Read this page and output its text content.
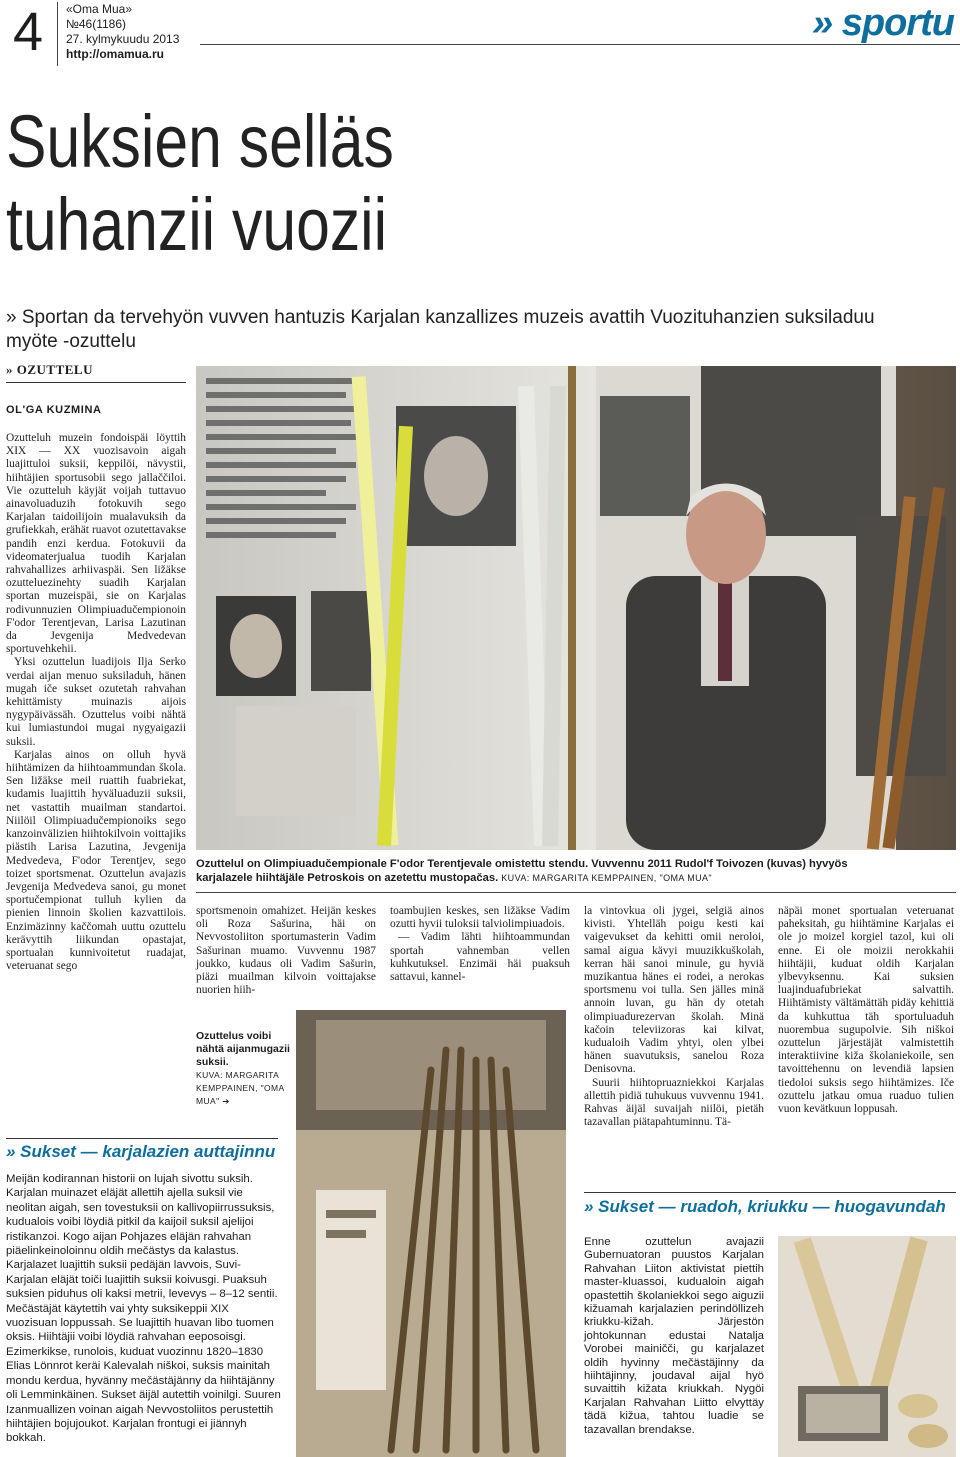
4	«Oma Mua»
№46(1186)
27. kylmykuudu 2013
http://omamua.ru
» sportu
Suksien selläs
tuhanzii vuozii
» Sportan da tervehyön vuvven hantuzis Karjalan kanzallizes muzeis avattih Vuozituhanzien suksiladuu myöte -ozuttelu
» OZUTTELU
OL'GA KUZMINA

Ozutteluh muzein fondoispäi löyttih XIX — XX vuozisavoin aigah luajittuloi suksii, keppilöi, nävystii, hiihtäjien sportusobii sego jallaččiloi. Vie ozutteluh käyjät voijah tuttavuo ainavoluaduzih fotokuvih sego Karjalan taidoilijoin mualavuksih da grufiekkah, erähät ruavot ozutettavakse pandih enzi kerdua. Fotokuvii da videomaterjualua tuodih Karjalan rahvahallizes arhiivaspäi. Sen ližäkse ozutteluezinehty suadih Karjalan sportan muzeispäi, sie on Karjalas rodivunnuzien Olimpiuadučempionoin F'odor Terentjevan, Larisa Lazutinan da Jevgenija Medvedevan sportuvehkehii.

Yksi ozuttelun luadijois Ilja Serko verdai aijan menuo suksiladuh, hänen mugah iče sukset ozutetah rahvahan kehittämisty muinazis aijois nygypäivässäh. Ozuttelus voibi nähtä kui lumiastundoi mugai nygyaigazii suksii.

Karjalas ainos on olluh hyvä hiihtämizen da hiihtoammundan škola. Sen ližäkse meil ruattih fuabriekat, kudamis luajittih hyväluaduzii suksii, net vastattih muailman standartoi. Niilöil Olimpiuadučempionoiks sego kanzoinvälizien hiihtokilvoin voittajiks piästih Larisa Lazutina, Jevgenija Medvedeva, F'odor Terentjev, sego toizet sportsmenat. Ozuttelun avajazis Jevgenija Medvedeva sanoi, gu monet sportučempionat tulluh kylien da pienien linnoin školien kazvattilois. Enzimäzinny kaččomah uuttu ozuttelu kerävyttih liikundan opastajat, sportualan kunnivoitetut ruadajat, veteruanat sego

Ozuttelul on Olimpiuadučempionale F'odor Terentjevale omistettu stendu. Vuvvennu 2011 Rudol'f Toivozen (kuvas) hyvyös karjalazele hiihtäjäle Petroskois on azetettu mustopačas. KUVA: MARGARITA KEMPPAINEN, "OMA MUA"

sportsmenoin omahizet. Heijän keskes oli Roza Sašurina, häi on Nevvostoliiton sportumasterin Vadim Sašurinan muamo. Vuvvennu 1987 joukko, kudaus oli Vadim Sašurin, piäzi muailman kilvoin voittajakse nuorien hiih-

toambujien keskes, sen ližäkse Vadim ozutti hyvii tuloksii talviolimpiuadois.

— Vadim lähti hiihtoammundan sportah vahnemban vellen kuhkutuksel. Enzimäi häi puaksuh sattavui, kannel-

la vintovkua oli jygei, selgiä ainos kivisti. Yhtelläh poigu kesti kai vaigevukset da kehitti omii neroloi, samal aigua kävyi muuzikkuškolah, kerran häi sanoi minule, gu hyviä muzikantua hänes ei rodei, a nerokas sportsmenu voi tulla. Sen jälles minä annoin luvan, gu hän dy otetah olimpiuadurezervan školah. Minä kačoin televiizoras kai kilvat, kudualoih Vadim yhtyi, olen ylbei hänen suavutuksis, sanelou Roza Denisovna.

Suurii hiihtopruazniekkoi Karjalas allettih pidiä tuhukuus vuvvennu 1941. Rahvas äijäl suvaijah niilöi, pietäh tazavallan piätapahtuminnu. Tä-

näpäi monet sportualan veteruanat paheksitah, gu hiihtämine Karjalas ei ole jo moizel korgiel tazol, kui oli enne. Ei ole moizii nerokkahii hiihtäjii, kuduat oldih Karjalan ylbevyksennu. Kai suksien luajinduafubriekat salvattih. Hiihtämisty vältämättäh pidäy kehittiä da kuhkuttua täh sportuluaduh nuorembua sugupolvie. Sih niškoi ozuttelun järjestäjät valmistettih interaktiivine kiža školaniekoile, sen tavoittehennu on levendiä lapsien tiedoloi suksis sego hiihtämizes. Iče ozuttelu jatkau omua ruaduo tulien vuon kevätkuun loppusah.

Ozuttelus voibi nähtä aijanmugazii suksii.
KUVA: MARGARITA KEMPPAINEN, "OMA MUA" ➔
» Sukset — karjalazien auttajinnu
Meijän kodirannan historii on lujah sivottu suksih. Karjalan muinazet eläjät allettih ajella suksil vie neolitan aigah, sen tovestuksii on kallivopiirrussuksis, kudualois voibi löydiä pitkil da kaijoil suksil ajelijoi ristikanzoi. Kogo aijan Pohjazes eläjän rahvahan piäelinkeinoloinnu oldih mečästys da kalastus. Karjalazet luajittih suksii pedäjän lavvois, Suvi-Karjalan eläjät toiči luajittih suksii koivusgi. Puaksuh suksien piduhus oli kaksi metrii, levevys – 8–12 sentii. Mečästäjät käytettih vai yhty suksikeppii XIX vuozisuan loppussah. Se luajittih huavan libo tuomen oksis. Hiihtäjii voibi löydiä rahvahan eeposoisgi. Ezimerkikse, runolois, kuduat vuozinnu 1820–1830 Elias Lönnrot keräi Kalevalah niškoi, suksis mainitah mondu kerdua, hyvänny mečästäjänny da hiihtäjänny oli Lemminkäinen. Sukset äijäl autettih voinilgi. Suuren Izanmuallizen voinan aigah Nevvostoliitos perustettih hiihtäjien bojujoukot. Karjalan frontugi ei jiännyh bokkah.
» Sukset — ruadoh, kriukku — huogavundah
Enne ozuttelun avajazii Gubernuatoran puustos Karjalan Rahvahan Liiton aktivistat piettih master-kluassoi, kudualoin aigah opastettih školaniekkoi sego aiguzii kižuamah karjalazien perindöllizeh kriukku-kižah. Järjestön johtokunnan edustai Natalja Vorobei mainičči, gu karjalazet oldih hyvinny mečästäjinny da hiihtäjinny, joudaval aijal hyö suvaittih kižata kriukkah. Nygöi Karjalan Rahvahan Liitto elvyttäy tädä kižua, tahtou luadie se tazavallan brendakse.
